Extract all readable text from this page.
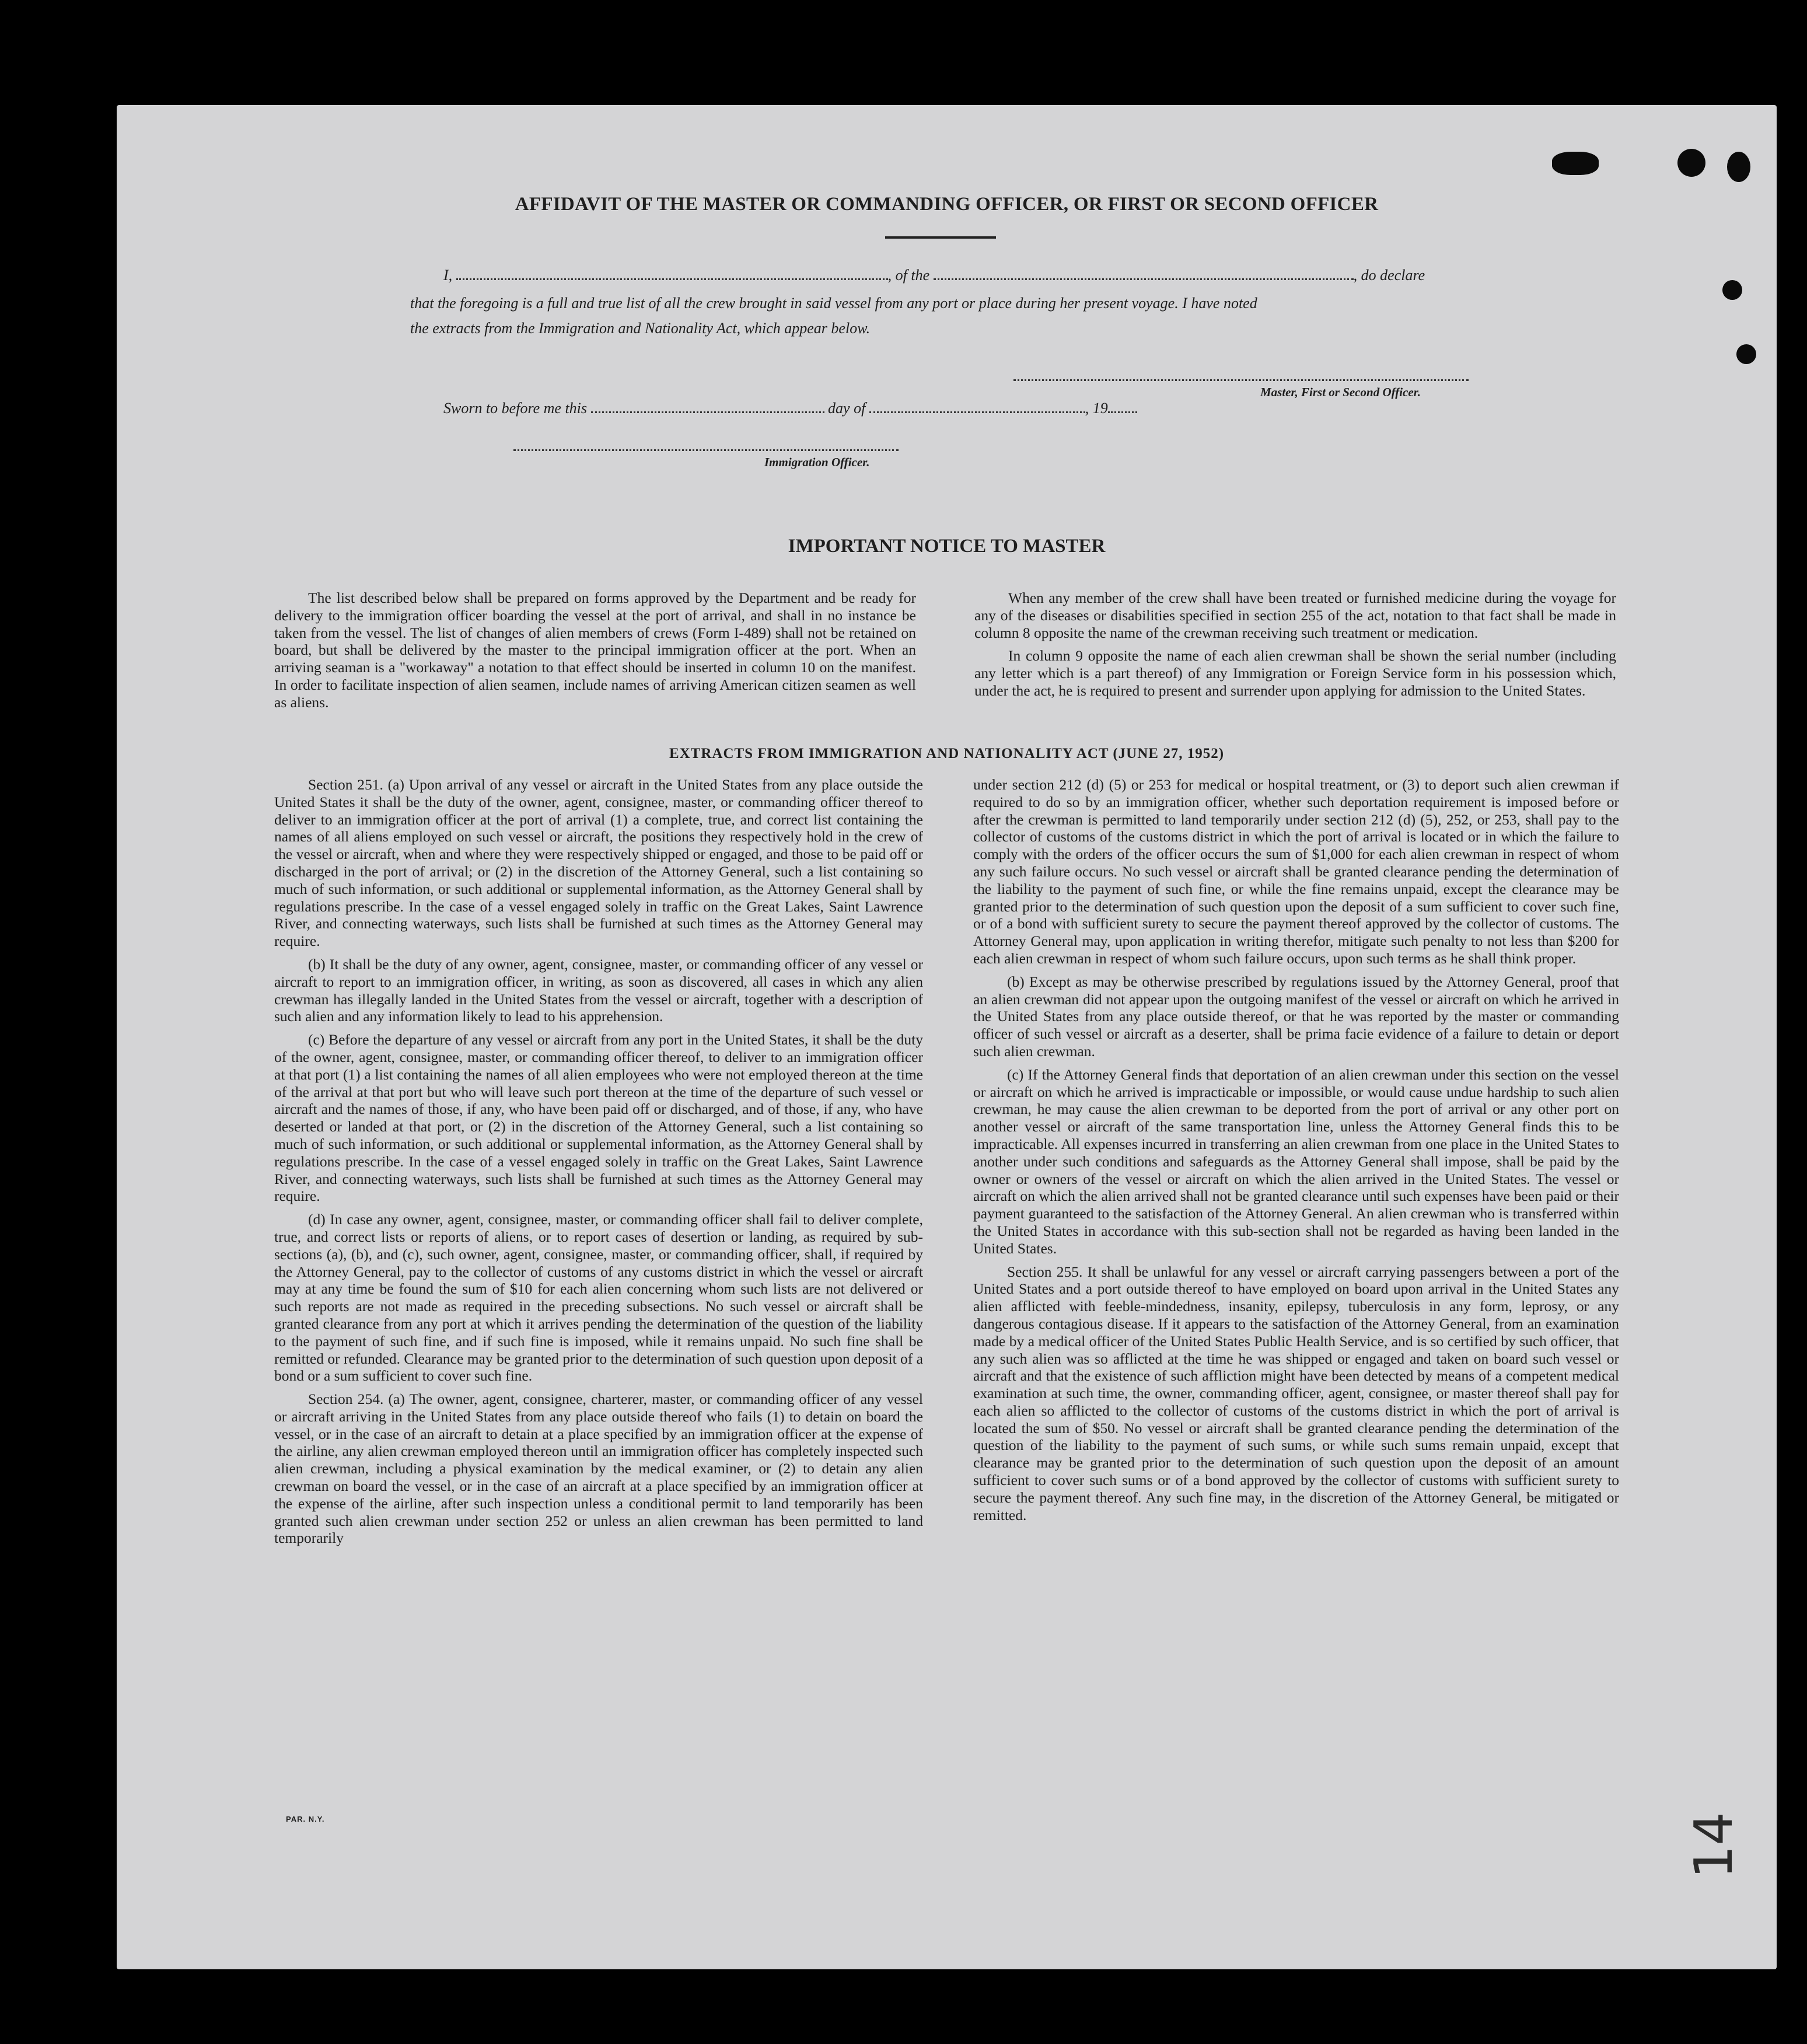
AFFIDAVIT OF THE MASTER OR COMMANDING OFFICER, OR FIRST OR SECOND OFFICER
I,	, of the	, do declare
that the foregoing is a full and true list of all the crew brought in said vessel from any port or place during her present voyage. I have noted
the extracts from the Immigration and Nationality Act, which appear below.
Master, First or Second Officer.
Sworn to before me this	day of	, 19
Immigration Officer.
IMPORTANT NOTICE TO MASTER

The list described below shall be prepared on forms approved by the Department and be ready for delivery to the immigration officer boarding the vessel at the port of arrival, and shall in no instance be taken from the vessel. The list of changes of alien members of crews (Form I-489) shall not be retained on board, but shall be delivered by the master to the principal immigration officer at the port. When an arriving seaman is a "workaway" a notation to that effect should be inserted in column 10 on the manifest. In order to facilitate inspection of alien seamen, include names of arriving American citizen seamen as well as aliens.

When any member of the crew shall have been treated or furnished medicine during the voyage for any of the diseases or disabilities specified in section 255 of the act, notation to that fact shall be made in column 8 opposite the name of the crewman receiving such treatment or medication.

In column 9 opposite the name of each alien crewman shall be shown the serial number (including any letter which is a part thereof) of any Immigration or Foreign Service form in his possession which, under the act, he is required to present and surrender upon applying for admission to the United States.

EXTRACTS FROM IMMIGRATION AND NATIONALITY ACT (JUNE 27, 1952)

Section 251. (a) Upon arrival of any vessel or aircraft in the United States from any place outside the United States it shall be the duty of the owner, agent, consignee, master, or commanding officer thereof to deliver to an immigration officer at the port of arrival (1) a complete, true, and correct list containing the names of all aliens employed on such vessel or aircraft, the positions they respectively hold in the crew of the vessel or aircraft, when and where they were respectively shipped or engaged, and those to be paid off or discharged in the port of arrival; or (2) in the discretion of the Attorney General, such a list containing so much of such information, or such additional or supplemental information, as the Attorney General shall by regulations prescribe. In the case of a vessel engaged solely in traffic on the Great Lakes, Saint Lawrence River, and connecting waterways, such lists shall be furnished at such times as the Attorney General may require.

(b) It shall be the duty of any owner, agent, consignee, master, or commanding officer of any vessel or aircraft to report to an immigration officer, in writing, as soon as discovered, all cases in which any alien crewman has illegally landed in the United States from the vessel or aircraft, together with a description of such alien and any information likely to lead to his apprehension.

(c) Before the departure of any vessel or aircraft from any port in the United States, it shall be the duty of the owner, agent, consignee, master, or commanding officer thereof, to deliver to an immigration officer at that port (1) a list containing the names of all alien employees who were not employed thereon at the time of the arrival at that port but who will leave such port thereon at the time of the departure of such vessel or aircraft and the names of those, if any, who have been paid off or discharged, and of those, if any, who have deserted or landed at that port, or (2) in the discretion of the Attorney General, such a list containing so much of such information, or such additional or supplemental information, as the Attorney General shall by regulations prescribe. In the case of a vessel engaged solely in traffic on the Great Lakes, Saint Lawrence River, and connecting waterways, such lists shall be furnished at such times as the Attorney General may require.

(d) In case any owner, agent, consignee, master, or commanding officer shall fail to deliver complete, true, and correct lists or reports of aliens, or to report cases of desertion or landing, as required by sub-sections (a), (b), and (c), such owner, agent, consignee, master, or commanding officer, shall, if required by the Attorney General, pay to the collector of customs of any customs district in which the vessel or aircraft may at any time be found the sum of $10 for each alien concerning whom such lists are not delivered or such reports are not made as required in the preceding subsections. No such vessel or aircraft shall be granted clearance from any port at which it arrives pending the determination of the question of the liability to the payment of such fine, and if such fine is imposed, while it remains unpaid. No such fine shall be remitted or refunded. Clearance may be granted prior to the determination of such question upon deposit of a bond or a sum sufficient to cover such fine.

Section 254. (a) The owner, agent, consignee, charterer, master, or commanding officer of any vessel or aircraft arriving in the United States from any place outside thereof who fails (1) to detain on board the vessel, or in the case of an aircraft to detain at a place specified by an immigration officer at the expense of the airline, any alien crewman employed thereon until an immigration officer has completely inspected such alien crewman, including a physical examination by the medical examiner, or (2) to detain any alien crewman on board the vessel, or in the case of an aircraft at a place specified by an immigration officer at the expense of the airline, after such inspection unless a conditional permit to land temporarily has been granted such alien crewman under section 252 or unless an alien crewman has been permitted to land temporarily

under section 212 (d) (5) or 253 for medical or hospital treatment, or (3) to deport such alien crewman if required to do so by an immigration officer, whether such deportation requirement is imposed before or after the crewman is permitted to land temporarily under section 212 (d) (5), 252, or 253, shall pay to the collector of customs of the customs district in which the port of arrival is located or in which the failure to comply with the orders of the officer occurs the sum of $1,000 for each alien crewman in respect of whom any such failure occurs. No such vessel or aircraft shall be granted clearance pending the determination of the liability to the payment of such fine, or while the fine remains unpaid, except the clearance may be granted prior to the determination of such question upon the deposit of a sum sufficient to cover such fine, or of a bond with sufficient surety to secure the payment thereof approved by the collector of customs. The Attorney General may, upon application in writing therefor, mitigate such penalty to not less than $200 for each alien crewman in respect of whom such failure occurs, upon such terms as he shall think proper.

(b) Except as may be otherwise prescribed by regulations issued by the Attorney General, proof that an alien crewman did not appear upon the outgoing manifest of the vessel or aircraft on which he arrived in the United States from any place outside thereof, or that he was reported by the master or commanding officer of such vessel or aircraft as a deserter, shall be prima facie evidence of a failure to detain or deport such alien crewman.

(c) If the Attorney General finds that deportation of an alien crewman under this section on the vessel or aircraft on which he arrived is impracticable or impossible, or would cause undue hardship to such alien crewman, he may cause the alien crewman to be deported from the port of arrival or any other port on another vessel or aircraft of the same transportation line, unless the Attorney General finds this to be impracticable. All expenses incurred in transferring an alien crewman from one place in the United States to another under such conditions and safeguards as the Attorney General shall impose, shall be paid by the owner or owners of the vessel or aircraft on which the alien arrived in the United States. The vessel or aircraft on which the alien arrived shall not be granted clearance until such expenses have been paid or their payment guaranteed to the satisfaction of the Attorney General. An alien crewman who is transferred within the United States in accordance with this sub-section shall not be regarded as having been landed in the United States.

Section 255. It shall be unlawful for any vessel or aircraft carrying passengers between a port of the United States and a port outside thereof to have employed on board upon arrival in the United States any alien afflicted with feeble-mindedness, insanity, epilepsy, tuberculosis in any form, leprosy, or any dangerous contagious disease. If it appears to the satisfaction of the Attorney General, from an examination made by a medical officer of the United States Public Health Service, and is so certified by such officer, that any such alien was so afflicted at the time he was shipped or engaged and taken on board such vessel or aircraft and that the existence of such affliction might have been detected by means of a competent medical examination at such time, the owner, commanding officer, agent, consignee, or master thereof shall pay for each alien so afflicted to the collector of customs of the customs district in which the port of arrival is located the sum of $50. No vessel or aircraft shall be granted clearance pending the determination of the question of the liability to the payment of such sums, or while such sums remain unpaid, except that clearance may be granted prior to the determination of such question upon the deposit of an amount sufficient to cover such sums or of a bond approved by the collector of customs with sufficient surety to secure the payment thereof. Any such fine may, in the discretion of the Attorney General, be mitigated or remitted.

PAR. N.Y.	14
